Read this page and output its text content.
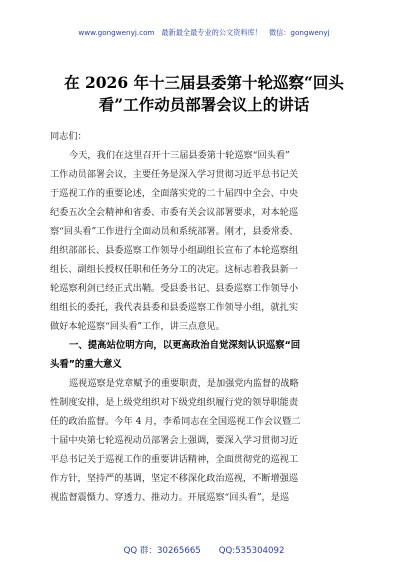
www.gongwenyj.com 最新最全最专业的公文资料库！ 微信：gongwenyj
在 2026 年十三届县委第十轮巡察“回头
看”工作动员部署会议上的讲话
同志们：
今天，我们在这里召开十三届县委第十轮巡察“回头看”
工作动员部署会议，主要任务是深入学习贯彻习近平总书记关
于巡视工作的重要论述，全面落实党的二十届四中全会、中央
纪委五次全会精神和省委、市委有关会议部署要求，对本轮巡
察“回头看”工作进行全面动员和系统部署。刚才，县委常委、
组织部部长、县委巡察工作领导小组副组长宣布了本轮巡察组
组长、副组长授权任职和任务分工的决定。这标志着我县新一
轮巡察利剑已经正式出鞘。受县委书记、县委巡察工作领导小
组组长的委托，我代表县委和县委巡察工作领导小组，就扎实
做好本轮巡察“回头看”工作，讲三点意见。
一、提高站位明方向，以更高政治自觉深刻认识巡察“回
头看”的重大意义
巡视巡察是党章赋予的重要职责，是加强党内监督的战略
性制度安排，是上级党组织对下级党组织履行党的领导职能责
任的政治监督。今年 4 月，李希同志在全国巡视工作会议暨二
十届中央第七轮巡视动员部署会上强调，要深入学习贯彻习近
平总书记关于巡视工作的重要讲话精神，全面贯彻党的巡视工
作方针，坚持严的基调，坚定不移深化政治巡视，不断增强巡
视监督震慑力、穿透力、推动力。开展巡察“回头看”，是巡
QQ 群：30265665 QQ:535304092
